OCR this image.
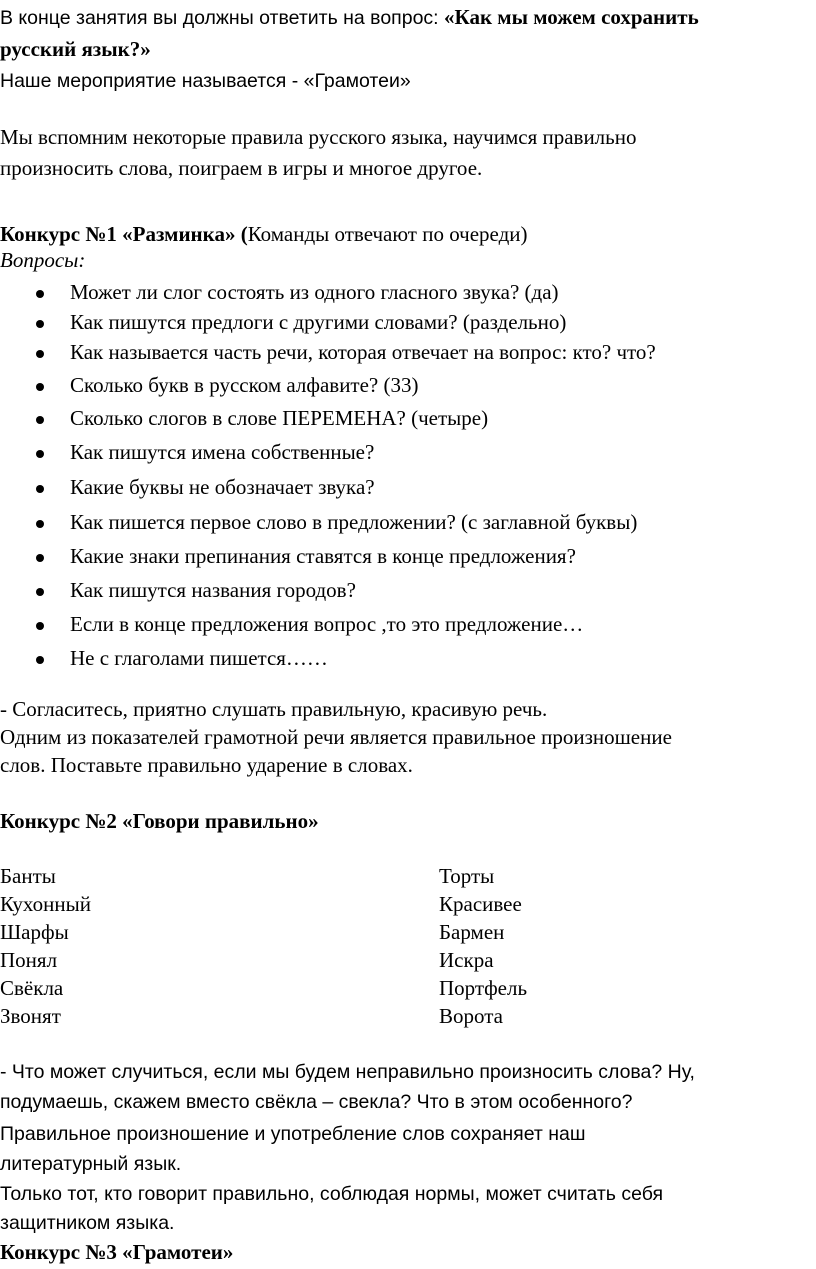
В конце занятия вы должны ответить на вопрос: «Как мы можем сохранить
русский язык?»
Наше мероприятие называется - «Грамотеи»
Мы вспомним некоторые правила русского языка, научимся правильно
произносить слова, поиграем в игры и многое другое.
Конкурс №1 «Разминка» (Команды отвечают по очереди)
Вопросы:
Может ли слог состоять из одного гласного звука? (да)
Как пишутся предлоги с другими словами? (раздельно)
Как называется часть речи, которая отвечает на вопрос: кто? что?
Сколько букв в русском алфавите? (33)
Сколько слогов в слове ПЕРЕМЕНА? (четыре)
Как пишутся имена собственные?
Какие буквы не обозначает звука?
Как пишется первое слово в предложении? (с заглавной буквы)
Какие знаки препинания ставятся в конце предложения?
Как пишутся названия городов?
Если в конце предложения вопрос ,то это предложение…
Не с глаголами пишется……
- Согласитесь, приятно слушать правильную, красивую речь.
Одним из показателей грамотной речи является правильное произношение
слов. Поставьте правильно ударение в словах.
Конкурс №2 «Говори правильно»
Банты
Кухонный
Шарфы
Понял
Свёкла
Звонят
Торты
Красивее
Бармен
Искра
Портфель
Ворота
- Что может случиться, если мы будем неправильно произносить слова? Ну,
подумаешь, скажем вместо свёкла – свекла? Что в этом особенного?
Правильное произношение и употребление слов сохраняет наш
литературный язык.
Только тот, кто говорит правильно, соблюдая нормы, может считать себя
защитником языка.
Конкурс №3 «Грамотеи»
